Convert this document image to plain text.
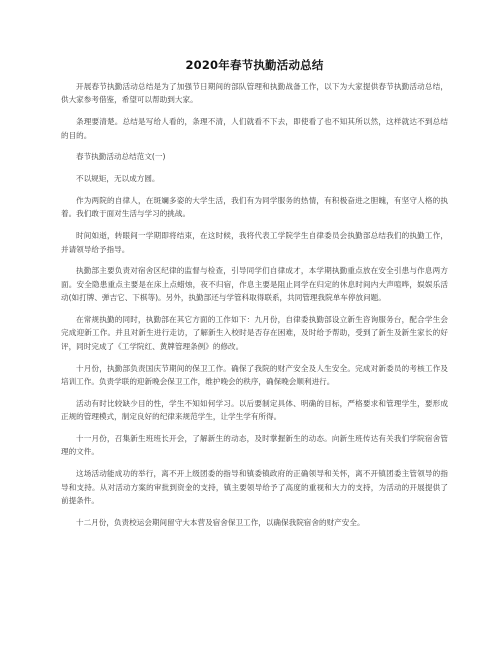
2020年春节执勤活动总结

开展春节执勤活动总结是为了加强节日期间的部队管理和执勤战备工作，以下为大家提供春节执勤活动总结，供大家参考借鉴，希望可以帮助到大家。

条理要清楚。总结是写给人看的，条理不清，人们就看不下去，即使看了也不知其所以然，这样就达不到总结的目的。

春节执勤活动总结范文(一)

不以规矩，无以成方圆。

作为两院的自律人，在斑斓多姿的大学生活，我们有为同学服务的热情，有积极奋进之胆魄，有坚守人格的执着。我们敢于面对生活与学习的挑战。

时间如逝，转眼间一学期即将结束，在这时候，我将代表工学院学生自律委员会执勤部总结我们的执勤工作，并请领导给予指导。

执勤部主要负责对宿舍区纪律的监督与检查，引导同学们自律成才，本学期执勤重点放在安全引患与作息两方面。安全隐患重点主要是在床上点蜡烛，夜不归宿，作息主要是阻止同学在归定的休息时间内大声喧哗，娱娱乐活动(如打牌、弹吉它、下棋等)。另外，执勤部还与学管科取得联系，共同管理我院单车停放问题。

在常规执勤的同时，执勤部在其它方面的工作如下：九月份，自律委执勤部设立新生咨询服务台，配合学生会完成迎新工作。并且对新生进行走访，了解新生入校时是否存在困难，及时给予帮助，受到了新生及新生家长的好评，同时完成了《工学院红、黄牌管理条例》的修改。

十月份，执勤部负责国庆节期间的保卫工作。确保了我院的财产安全及人生安全。完成对新委员的考核工作及培训工作。负责学联的迎新晚会保卫工作，维护晚会的秩序，确保晚会顺利进行。

活动有时比较缺少目的性，学生不知如何学习。以后要制定具体、明确的目标，严格要求和管理学生，要形成正规的管理模式，制定良好的纪律来规范学生，让学生学有所得。

十一月份，召集新生班班长开会，了解新生的动态，及时掌握新生的动态。向新生班传达有关我们学院宿舍管理的文件。

这场活动能成功的举行，离不开上级团委的指导和镇委镇政府的正确领导和关怀，离不开镇团委主管领导的指导和支持。从对活动方案的审批到资金的支持，镇主要领导给予了高度的重视和大力的支持，为活动的开展提供了前提条件。

十二月份，负责校运会期间留守大本营及宿舍保卫工作，以确保我院宿舍的财产安全。
